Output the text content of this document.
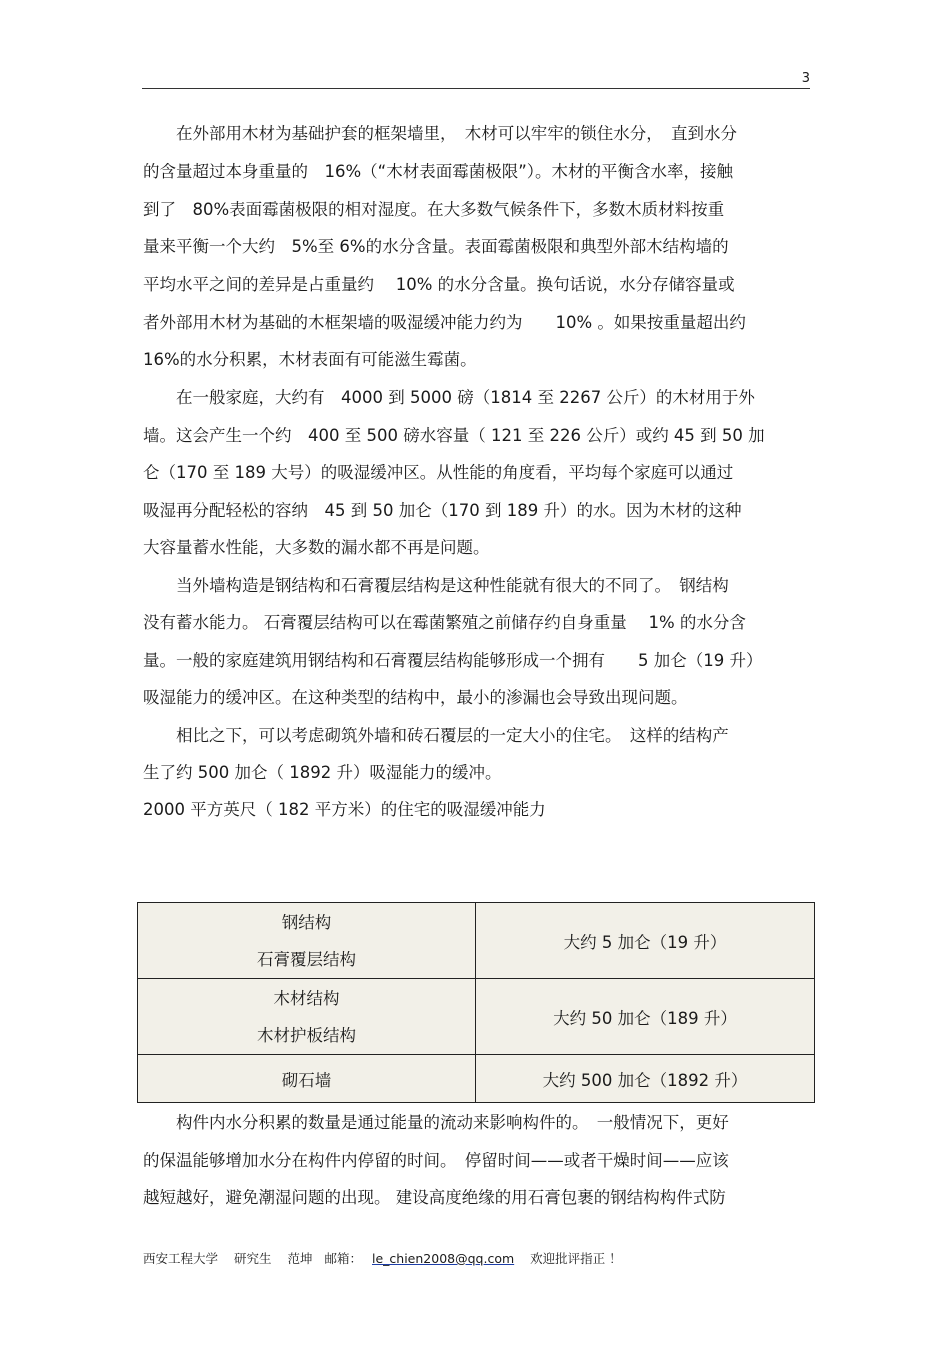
3
　　在外部用木材为基础护套的框架墙里，　木材可以牢牢的锁住水分，　直到水分
的含量超过本身重量的　16%（“木材表面霉菌极限”）。木材的平衡含水率，接触
到了　80%表面霉菌极限的相对湿度。在大多数气候条件下，多数木质材料按重
量来平衡一个大约　5%至 6%的水分含量。表面霉菌极限和典型外部木结构墙的
平均水平之间的差异是占重量约　 10% 的水分含量。换句话说，水分存储容量或
者外部用木材为基础的木框架墙的吸湿缓冲能力约为　　10% 。如果按重量超出约
16%的水分积累，木材表面有可能滋生霉菌。
　　在一般家庭，大约有　4000 到 5000 磅（1814 至 2267 公斤）的木材用于外
墙。这会产生一个约　400 至 500 磅水容量（ 121 至 226 公斤）或约 45 到 50 加
仑（170 至 189 大号）的吸湿缓冲区。从性能的角度看，平均每个家庭可以通过
吸湿再分配轻松的容纳　45 到 50 加仑（170 到 189 升）的水。因为木材的这种
大容量蓄水性能，大多数的漏水都不再是问题。
　　当外墙构造是钢结构和石膏覆层结构是这种性能就有很大的不同了。　钢结构
没有蓄水能力。 石膏覆层结构可以在霉菌繁殖之前储存约自身重量　 1% 的水分含
量。一般的家庭建筑用钢结构和石膏覆层结构能够形成一个拥有　　5 加仑（19 升）
吸湿能力的缓冲区。在这种类型的结构中，最小的渗漏也会导致出现问题。
　　相比之下，可以考虑砌筑外墙和砖石覆层的一定大小的住宅。　这样的结构产
生了约 500 加仑（ 1892 升）吸湿能力的缓冲。
2000 平方英尺（ 182 平方米）的住宅的吸湿缓冲能力
钢结构
石膏覆层结构	大约 5 加仑（19 升）

木材结构
木材护板结构	大约 50 加仑（189 升）
砌石墙	大约 500 加仑（1892 升）
　　构件内水分积累的数量是通过能量的流动来影响构件的。　一般情况下，更好
的保温能够增加水分在构件内停留的时间。　停留时间——或者干燥时间——应该
越短越好，避免潮湿问题的出现。 建设高度绝缘的用石膏包裹的钢结构构件式防
西安工程大学 研究生 范坤 邮箱： le_chien2008@qq.com 欢迎批评指正 ！
